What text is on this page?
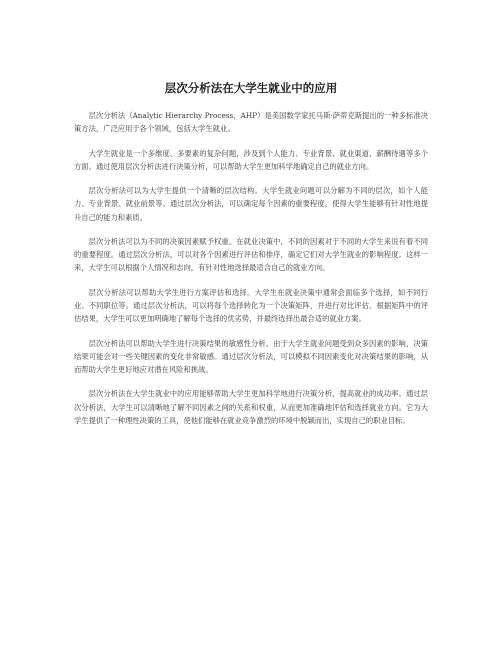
层次分析法在大学生就业中的应用

层次分析法（Analytic Hierarchy Process，AHP）是美国数学家托马斯·萨蒂克斯提出的一种多标准决策方法，广泛应用于各个领域，包括大学生就业。

大学生就业是一个多维度、多要素的复杂问题，涉及到个人能力、专业背景、就业渠道、薪酬待遇等多个方面。通过使用层次分析法进行决策分析，可以帮助大学生更加科学地确定自己的就业方向。

层次分析法可以为大学生提供一个清晰的层次结构。大学生就业问题可以分解为不同的层次，如个人能力、专业背景、就业前景等。通过层次分析法，可以确定每个因素的重要程度，使得大学生能够有针对性地提升自己的能力和素质。

层次分析法可以为不同的决策因素赋予权重。在就业决策中，不同的因素对于不同的大学生来说有着不同的重要程度。通过层次分析法，可以对各个因素进行评估和排序，确定它们对大学生就业的影响程度。这样一来，大学生可以根据个人情况和志向，有针对性地选择最适合自己的就业方向。

层次分析法可以帮助大学生进行方案评估和选择。大学生在就业决策中通常会面临多个选择，如不同行业、不同职位等。通过层次分析法，可以将每个选择转化为一个决策矩阵，并进行对比评估。根据矩阵中的评估结果，大学生可以更加明确地了解每个选择的优劣势，并最终选择出最合适的就业方案。

层次分析法可以帮助大学生进行决策结果的敏感性分析。由于大学生就业问题受到众多因素的影响，决策结果可能会对一些关键因素的变化非常敏感。通过层次分析法，可以模拟不同因素变化对决策结果的影响，从而帮助大学生更好地应对潜在风险和挑战。

层次分析法在大学生就业中的应用能够帮助大学生更加科学地进行决策分析，提高就业的成功率。通过层次分析法，大学生可以清晰地了解不同因素之间的关系和权重，从而更加准确地评估和选择就业方向。它为大学生提供了一种理性决策的工具，使他们能够在就业竞争激烈的环境中脱颖而出，实现自己的职业目标。
